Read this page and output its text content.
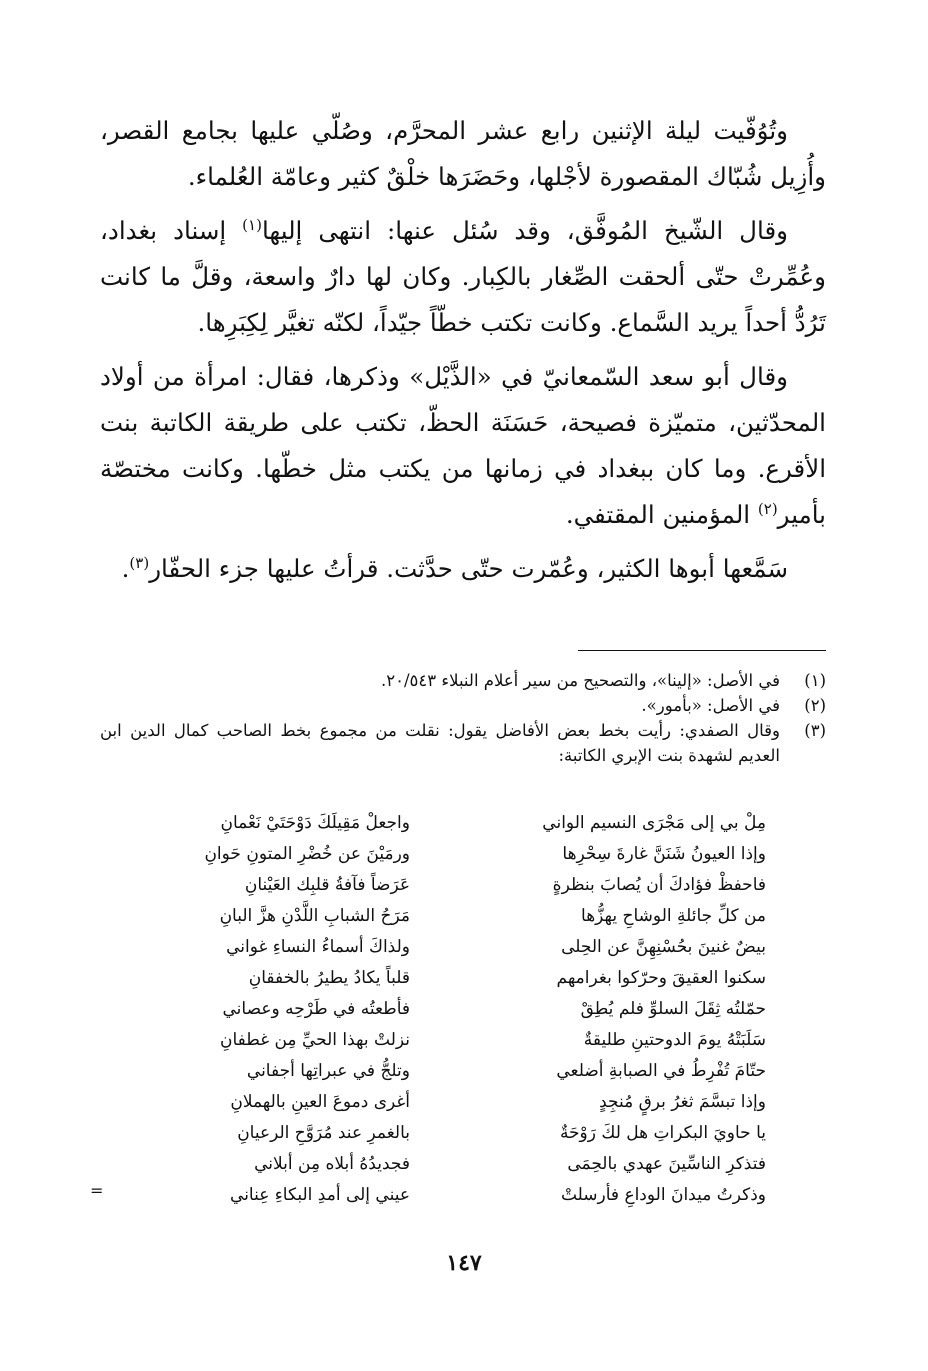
وتُوُفّيت ليلة الإثنين رابع عشر المحرَّم، وصُلّي عليها بجامع القصر، وأُزِيل شُبّاك المقصورة لأجْلها، وحَضَرَها خلْقٌ كثير وعامّة العُلماء.

وقال الشّيخ المُوفَّق، وقد سُئل عنها: انتهى إليها$^{(١)}$ إسناد بغداد، وعُمِّرتْ حتّى ألحقت الصِّغار بالكِبار. وكان لها دارٌ واسعة، وقلَّ ما كانت تَرُدُّ أحداً يريد السَّماع. وكانت تكتب خطّاً جيّداً، لكنّه تغيَّر لِكِبَرِها.

وقال أبو سعد السّمعانيّ في «الذَّيْل» وذكرها، فقال: امرأة من أولاد المحدّثين، متميّزة فصيحة، حَسَنَة الحظّ، تكتب على طريقة الكاتبة بنت الأقرع. وما كان ببغداد في زمانها من يكتب مثل خطّها. وكانت مختصّة بأمير$^{(٢)}$ المؤمنين المقتفي.

سَمَّعها أبوها الكثير، وعُمّرت حتّى حدَّثت. قرأتُ عليها جزء الحفّار$^{(٣)}$.

(١)
في الأصل: «إلينا»، والتصحيح من سير أعلام النبلاء ٢٠/٥٤٣.
(٢)
في الأصل: «بأمور».
(٣)
وقال الصفدي: رأيت بخط بعض الأفاضل يقول: نقلت من مجموع بخط الصاحب كمال الدين ابن العديم لشهدة بنت الإبري الكاتبة:
مِلْ بي إلى مَجْرَى النسيم الواني
واجعلْ مَقِيلَكَ دَوْحَتَيْ نَعْمانِ
وإذا العيونُ شَنَنَّ غارةَ سِحْرِها
ورمَيْنَ عن خُضْرِ المتونِ حَوانِ
فاحفظْ فؤادكَ أن يُصابَ بنظرةٍ
عَرَضاً فآفةُ قلبِك العَيْنانِ
من كلِّ جائلةِ الوشاحِ يهزُّها
مَرَحُ الشبابِ اللَّدْنِ هزَّ البانِ
بيضٌ غنينَ بحُسْنِهِنَّ عن الحِلى
ولذاكَ أسماءُ النساءِ غواني
سكنوا العقيقَ وحرّكوا بغرامهم
قلباً يكادُ يطيرُ بالخفقانِ
حمّلتُه ثِقَلَ السلوِّ فلم يُطِقْ
فأطعتُه في طَرْحِه وعصاني
سَلَبَتْهُ يومَ الدوحتينِ طليقةٌ
نزلتْ بهذا الحيِّ مِن غطفانِ
حتّامَ تُفْرِطُ في الصبابةِ أضلعي
وتلجُّ في عبراتِها أجفاني
وإذا تبسَّمَ ثغرُ برقٍ مُنجِدٍ
أغرى دموعَ العينِ بالهملانِ
يا حاويَ البكراتِ هل لكَ رَوْحَةٌ
بالغمرِ عند مُرَوَّحِ الرعيانِ
فتذكرِ الناسِّينَ عهدي بالحِمَى
فجديدُهُ أبلاه مِن أبلاني
وذكرتُ ميدانَ الوداعِ فأرسلتْ
عيني إلى أمدِ البكاءِ عِناني
=
١٤٧
